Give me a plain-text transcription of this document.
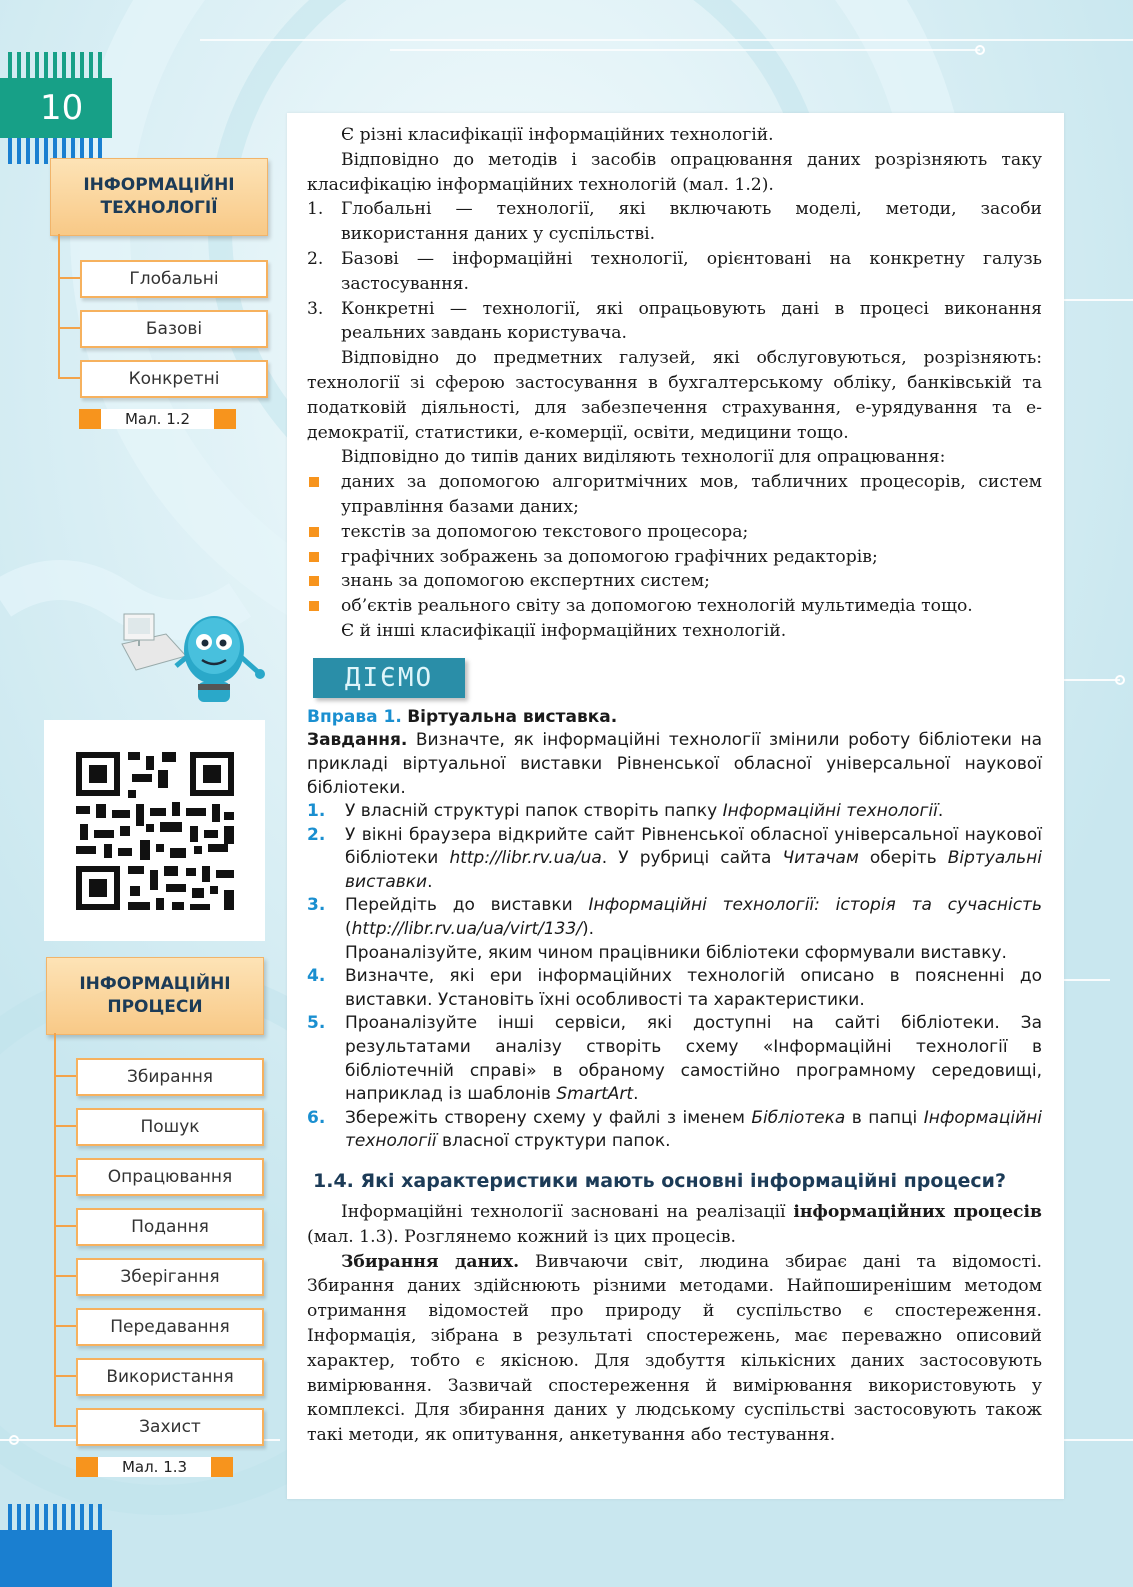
10
ІНФОРМАЦІЙНІ ТЕХНОЛОГІЇ
Глобальні
Базові
Конкретні
Мал. 1.2
ІНФОРМАЦІЙНІ ПРОЦЕСИ
Збирання
Пошук
Опрацювання
Подання
Зберігання
Передавання
Використання
Захист
Мал. 1.3

Є різні класифікації інформаційних технологій.

Відповідно до методів і засобів опрацювання даних розрізняють таку класифікацію інформаційних технологій (мал. 1.2).

1.	Глобальні — технології, які включають моделі, методи, засоби використання даних у суспільстві.
2.	Базові — інформаційні технології, орієнтовані на конкретну галузь застосування.
3.	Конкретні — технології, які опрацьовують дані в процесі виконання реальних завдань користувача.

Відповідно до предметних галузей, які обслуговуються, розрізняють: технології зі сферою застосування в бухгалтерському обліку, банківській та податковій діяльності, для забезпечення страхування, е-урядування та е-демократії, статистики, е-комерції, освіти, медицини тощо.

Відповідно до типів даних виділяють технології для опрацювання:

даних за допомогою алгоритмічних мов, табличних процесорів, систем управління базами даних;
текстів за допомогою текстового процесора;
графічних зображень за допомогою графічних редакторів;
знань за допомогою експертних систем;
об’єктів реального світу за допомогою технологій мультимедіа тощо.

Є й інші класифікації інформаційних технологій.

ДІЄМО
Вправа 1. Віртуальна виставка.

Завдання. Визначте, як інформаційні технології змінили роботу бібліотеки на прикладі віртуальної виставки Рівненської обласної універсальної наукової бібліотеки.

1.	У власній структурі папок створіть папку Інформаційні технології.
2.	У вікні браузера відкрийте сайт Рівненської обласної універсальної наукової бібліотеки http://libr.rv.ua/ua. У рубриці сайта Читачам оберіть Віртуальні виставки.
3.	Перейдіть до виставки Інформаційні технології: історія та сучасність (http://libr.rv.ua/ua/virt/133/).
Проаналізуйте, яким чином працівники бібліотеки сформували виставку.
4.	Визначте, які ери інформаційних технологій описано в поясненні до виставки. Установіть їхні особливості та характеристики.
5.	Проаналізуйте інші сервіси, які доступні на сайті бібліотеки. За результатами аналізу створіть схему «Інформаційні технології в бібліотечній справі» в обраному самостійно програмному середовищі, наприклад із шаблонів SmartArt.
6.	Збережіть створену схему у файлі з іменем Бібліотека в папці Інформаційні технології власної структури папок.
1.4. Які характеристики мають основні інформаційні процеси?

Інформаційні технології засновані на реалізації інформаційних процесів (мал. 1.3). Розглянемо кожний із цих процесів.

Збирання даних. Вивчаючи світ, людина збирає дані та відомості. Збирання даних здійснюють різними методами. Найпоширенішим методом отримання відомостей про природу й суспільство є спостереження. Інформація, зібрана в результаті спостережень, має переважно описовий характер, тобто є якісною. Для здобуття кількісних даних застосовують вимірювання. Зазвичай спостереження й вимірювання використовують у комплексі. Для збирання даних у людському суспільстві застосовують також такі методи, як опитування, анкетування або тестування.
